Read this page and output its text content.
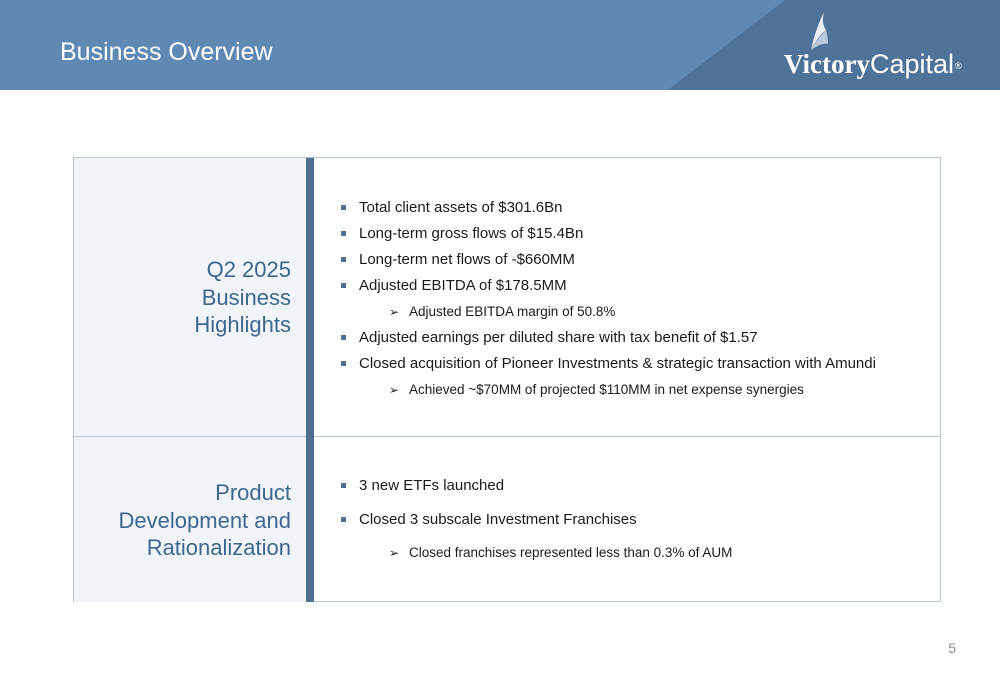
Business Overview	VictoryCapital®
Q2 2025
Business
Highlights
Product
Development and
Rationalization
Total client assets of $301.6Bn
Long-term gross flows of $15.4Bn
Long-term net flows of -$660MM
Adjusted EBITDA of $178.5MM
➢ Adjusted EBITDA margin of 50.8%
Adjusted earnings per diluted share with tax benefit of $1.57
Closed acquisition of Pioneer Investments & strategic transaction with Amundi
➢ Achieved ~$70MM of projected $110MM in net expense synergies
3 new ETFs launched
Closed 3 subscale Investment Franchises
➢ Closed franchises represented less than 0.3% of AUM
5
